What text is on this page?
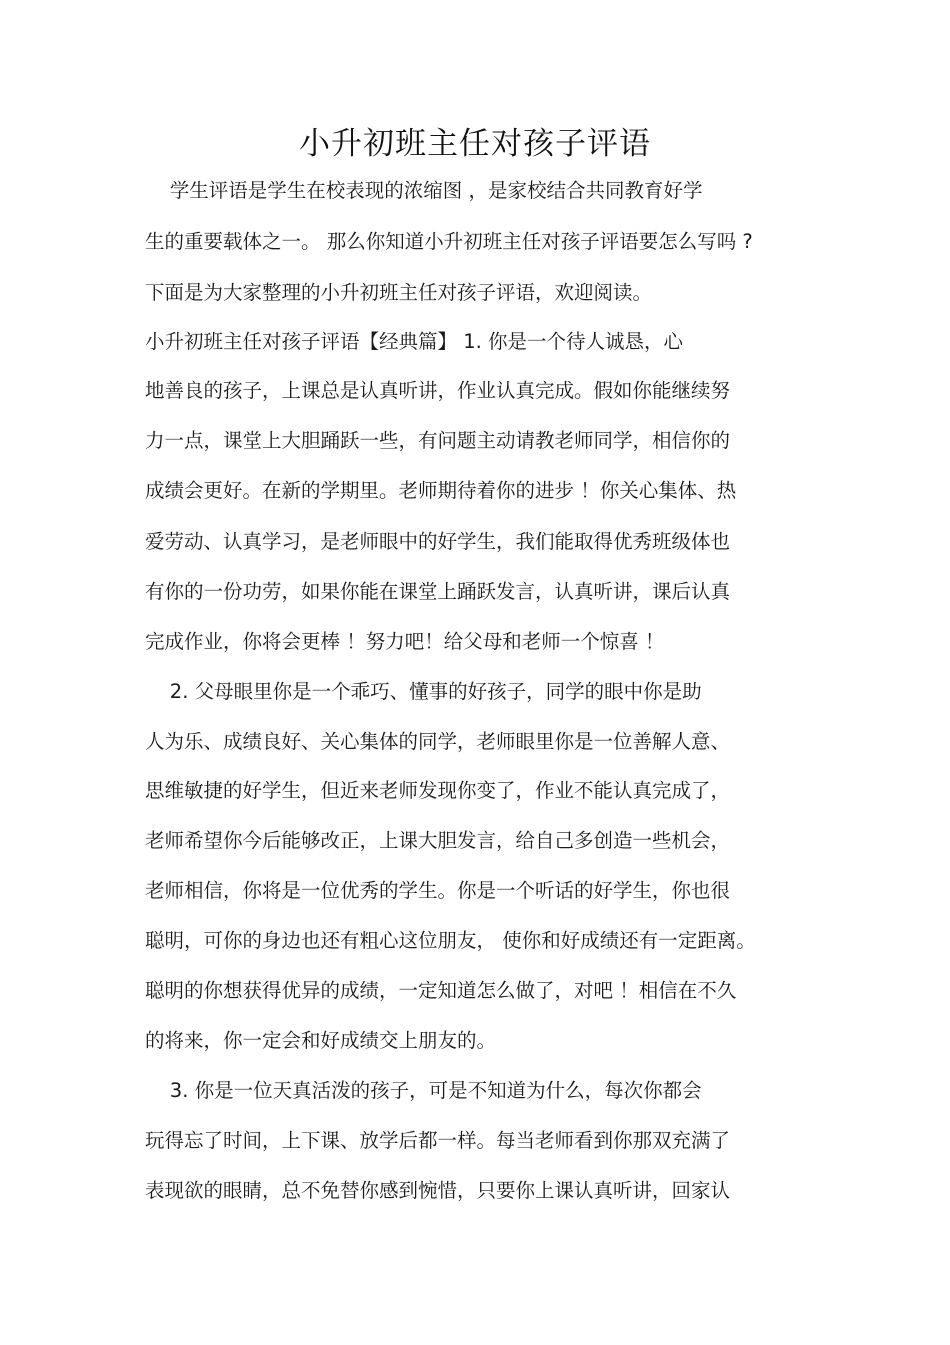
小升初班主任对孩子评语
学生评语是学生在校表现的浓缩图 ，是家校结合共同教育好学
生的重要载体之一。 那么你知道小升初班主任对孩子评语要怎么写吗 ?
下面是为大家整理的小升初班主任对孩子评语，欢迎阅读。
小升初班主任对孩子评语【经典篇】 1. 你是一个待人诚恳，心
地善良的孩子，上课总是认真听讲，作业认真完成。假如你能继续努
力一点，课堂上大胆踊跃一些，有问题主动请教老师同学，相信你的
成绩会更好。在新的学期里。老师期待着你的进步 ！你关心集体、热
爱劳动、认真学习，是老师眼中的好学生，我们能取得优秀班级体也
有你的一份功劳，如果你能在课堂上踊跃发言，认真听讲，课后认真
完成作业，你将会更棒 ！努力吧！给父母和老师一个惊喜 ！
2. 父母眼里你是一个乖巧、懂事的好孩子，同学的眼中你是助
人为乐、成绩良好、关心集体的同学，老师眼里你是一位善解人意、
思维敏捷的好学生，但近来老师发现你变了，作业不能认真完成了，
老师希望你今后能够改正，上课大胆发言，给自己多创造一些机会，
老师相信，你将是一位优秀的学生。你是一个听话的好学生，你也很
聪明，可你的身边也还有粗心这位朋友， 使你和好成绩还有一定距离。
聪明的你想获得优异的成绩，一定知道怎么做了，对吧 ！相信在不久
的将来，你一定会和好成绩交上朋友的。
3. 你是一位天真活泼的孩子，可是不知道为什么，每次你都会
玩得忘了时间，上下课、放学后都一样。每当老师看到你那双充满了
表现欲的眼睛，总不免替你感到惋惜，只要你上课认真听讲，回家认
